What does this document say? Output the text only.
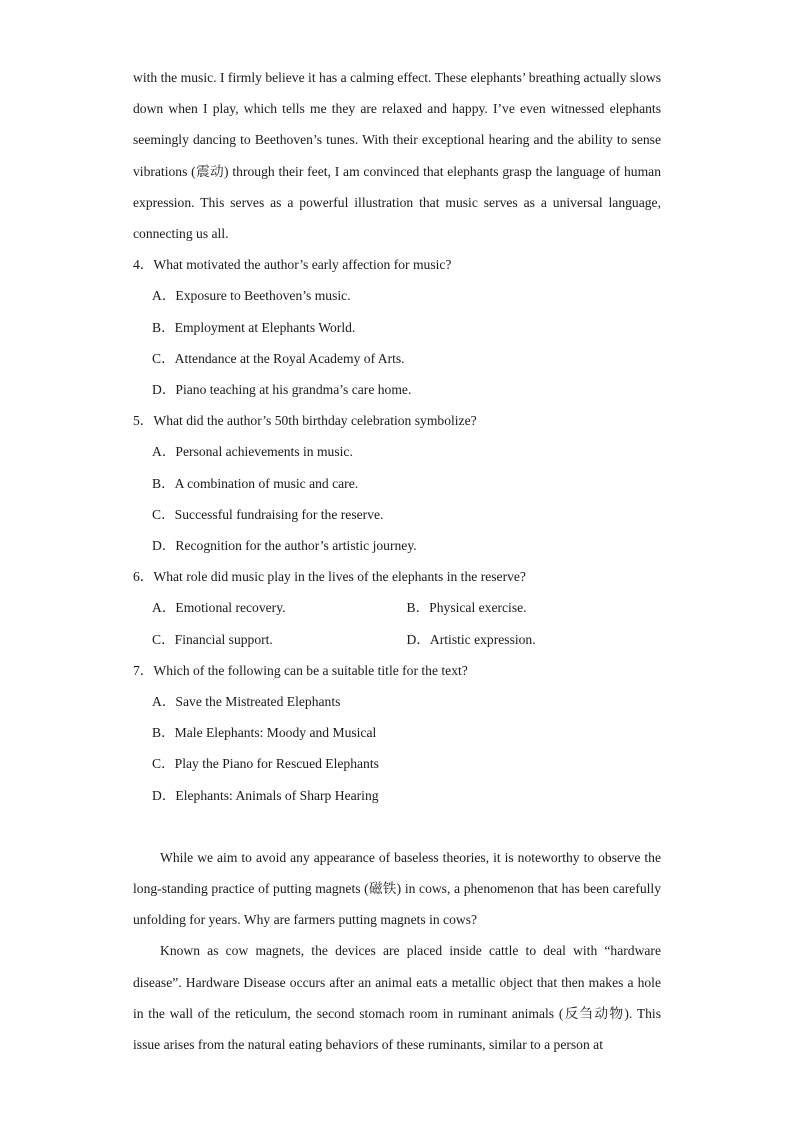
with the music. I firmly believe it has a calming effect. These elephants’ breathing actually slows down when I play, which tells me they are relaxed and happy. I’ve even witnessed elephants seemingly dancing to Beethoven’s tunes. With their exceptional hearing and the ability to sense vibrations (震动) through their feet, I am convinced that elephants grasp the language of human expression. This serves as a powerful illustration that music serves as a universal language, connecting us all.

4．What motivated the author’s early affection for music?

A．Exposure to Beethoven’s music.

B．Employment at Elephants World.

C．Attendance at the Royal Academy of Arts.

D．Piano teaching at his grandma’s care home.

5．What did the author’s 50th birthday celebration symbolize?

A．Personal achievements in music.

B．A combination of music and care.

C．Successful fundraising for the reserve.

D．Recognition for the author’s artistic journey.

6．What role did music play in the lives of the elephants in the reserve?

A．Emotional recovery.	B．Physical exercise.
C．Financial support.	D．Artistic expression.

7．Which of the following can be a suitable title for the text?

A．Save the Mistreated Elephants

B．Male Elephants: Moody and Musical

C．Play the Piano for Rescued Elephants

D．Elephants: Animals of Sharp Hearing

While we aim to avoid any appearance of baseless theories, it is noteworthy to observe the long-standing practice of putting magnets (磁铁) in cows, a phenomenon that has been carefully unfolding for years. Why are farmers putting magnets in cows?

Known as cow magnets, the devices are placed inside cattle to deal with “hardware disease”. Hardware Disease occurs after an animal eats a metallic object that then makes a hole in the wall of the reticulum, the second stomach room in ruminant animals (反刍动物). This issue arises from the natural eating behaviors of these ruminants, similar to a person at
